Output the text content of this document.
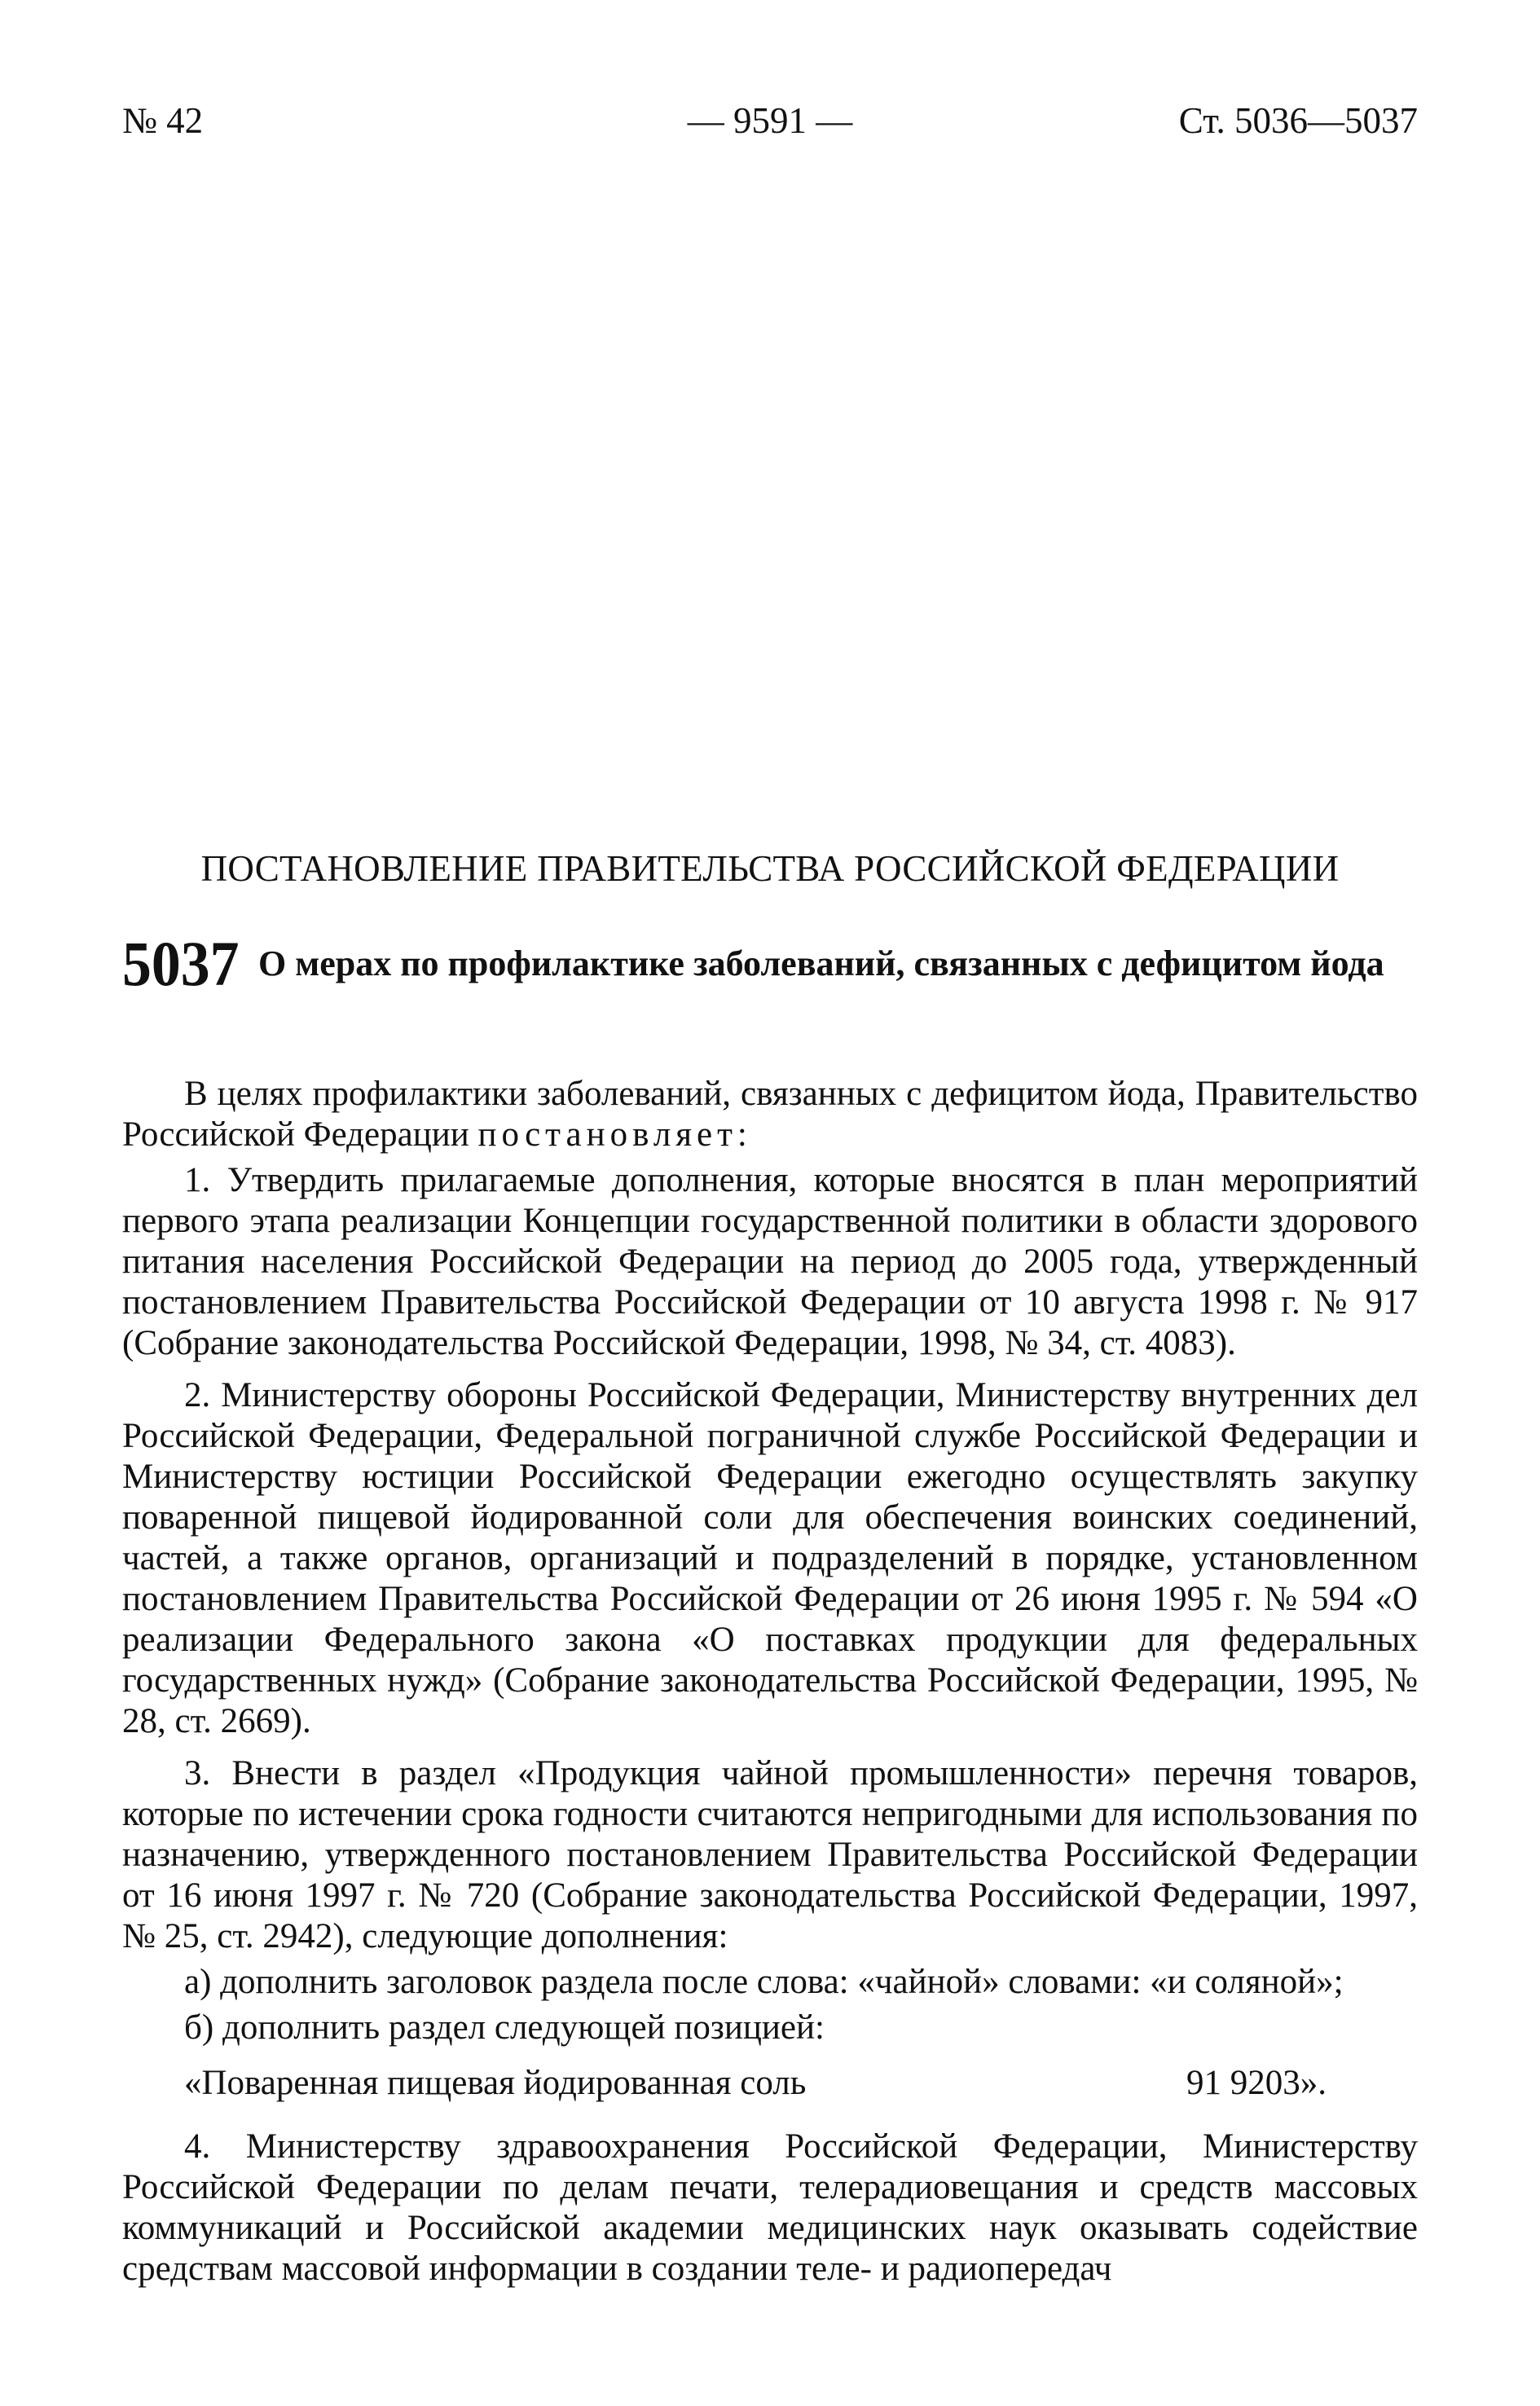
№ 42	— 9591 —	Ст. 5036—5037
ПОСТАНОВЛЕНИЕ ПРАВИТЕЛЬСТВА РОССИЙСКОЙ ФЕДЕРАЦИИ
5037 О мерах по профилактике заболеваний, связанных с дефицитом йода

В целях профилактики заболеваний, связанных с дефицитом йода, Правительство Российской Федерации постановляет:

1. Утвердить прилагаемые дополнения, которые вносятся в план мероприятий первого этапа реализации Концепции государственной политики в области здорового питания населения Российской Федерации на период до 2005 года, утвержденный постановлением Правительства Российской Федерации от 10 августа 1998 г. № 917 (Собрание законодательства Российской Федерации, 1998, № 34, ст. 4083).

2. Министерству обороны Российской Федерации, Министерству внутренних дел Российской Федерации, Федеральной пограничной службе Российской Федерации и Министерству юстиции Российской Федерации ежегодно осуществлять закупку поваренной пищевой йодированной соли для обеспечения воинских соединений, частей, а также органов, организаций и подразделений в порядке, установленном постановлением Правительства Российской Федерации от 26 июня 1995 г. № 594 «О реализации Федерального закона «О поставках продукции для федеральных государственных нужд» (Собрание законодательства Российской Федерации, 1995, № 28, ст. 2669).

3. Внести в раздел «Продукция чайной промышленности» перечня товаров, которые по истечении срока годности считаются непригодными для использования по назначению, утвержденного постановлением Правительства Российской Федерации от 16 июня 1997 г. № 720 (Собрание законодательства Российской Федерации, 1997, № 25, ст. 2942), следующие дополнения:

а) дополнить заголовок раздела после слова: «чайной» словами: «и соляной»;

б) дополнить раздел следующей позицией:

«Поваренная пищевая йодированная соль	91 9203».

4. Министерству здравоохранения Российской Федерации, Министерству Российской Федерации по делам печати, телерадиовещания и средств массовых коммуникаций и Российской академии медицинских наук оказывать содействие средствам массовой информации в создании теле- и радиопередач
